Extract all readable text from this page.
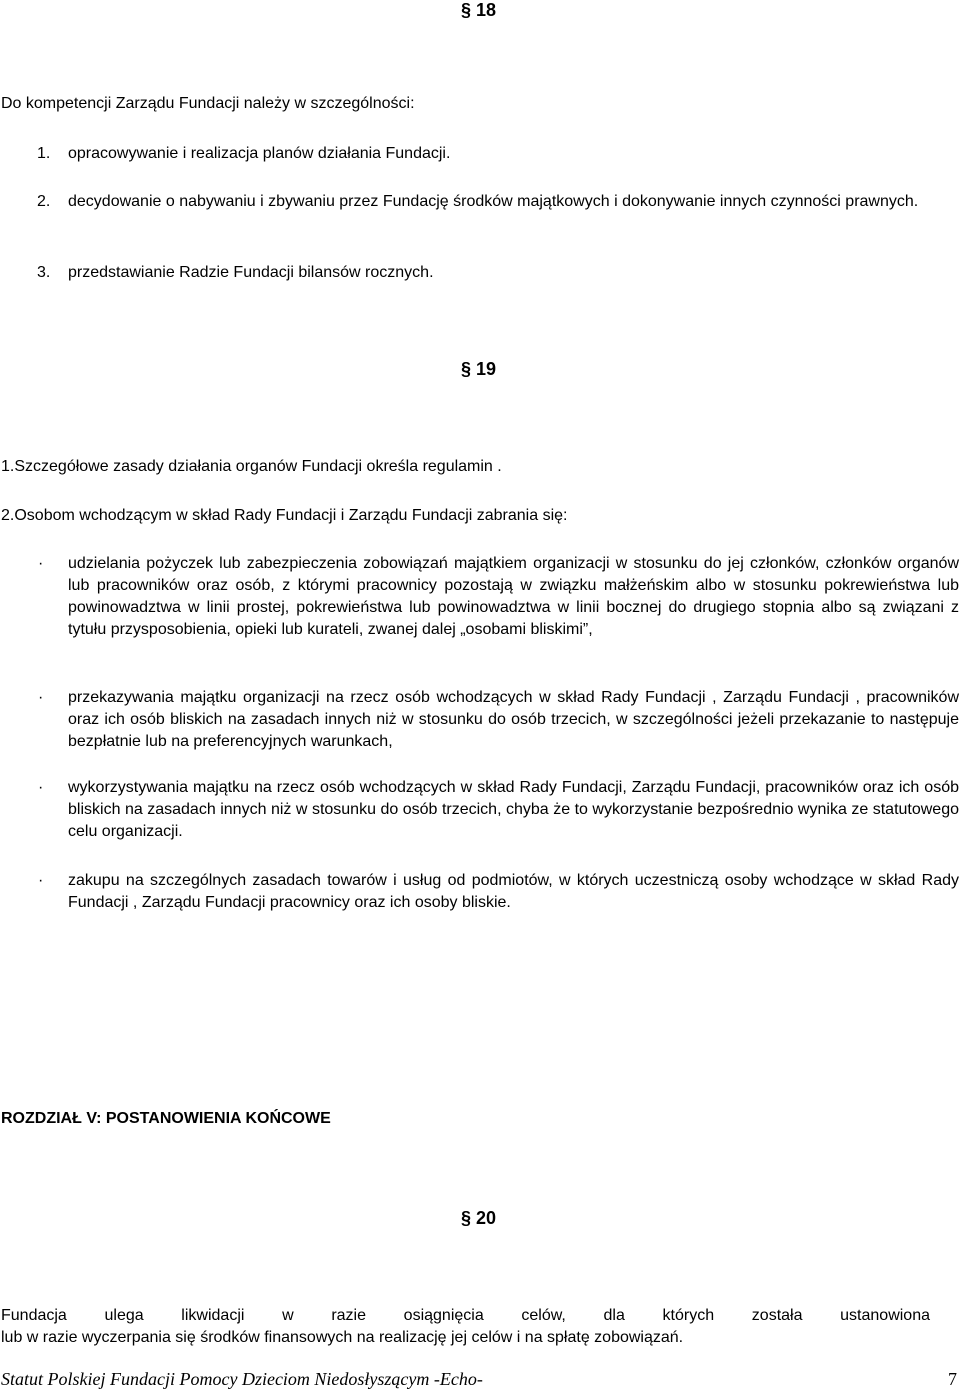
§ 18
Do kompetencji Zarządu Fundacji należy w szczególności:
1. opracowywanie i realizacja planów działania Fundacji.
2. decydowanie o nabywaniu i zbywaniu przez Fundację środków majątkowych i dokonywanie innych czynności prawnych.
3. przedstawianie Radzie Fundacji bilansów rocznych.
§ 19
1.Szczegółowe zasady działania organów Fundacji określa regulamin .
2.Osobom wchodzącym w skład Rady Fundacji i Zarządu Fundacji zabrania się:
· udzielania pożyczek lub zabezpieczenia zobowiązań majątkiem organizacji w stosunku do jej członków, członków organów lub pracowników oraz osób, z którymi pracownicy pozostają w związku małżeńskim albo w stosunku pokrewieństwa lub powinowadztwa w linii prostej, pokrewieństwa lub powinowadztwa w linii bocznej do drugiego stopnia albo są związani z tytułu przysposobienia, opieki lub kurateli, zwanej dalej „osobami bliskimi”,
· przekazywania majątku organizacji na rzecz osób wchodzących w skład Rady Fundacji , Zarządu Fundacji , pracowników oraz ich osób bliskich na zasadach innych niż w stosunku do osób trzecich, w szczególności jeżeli przekazanie to następuje bezpłatnie lub na preferencyjnych warunkach,
· wykorzystywania majątku na rzecz osób wchodzących w skład Rady Fundacji, Zarządu Fundacji, pracowników oraz ich osób bliskich na zasadach innych niż w stosunku do osób trzecich, chyba że to wykorzystanie bezpośrednio wynika ze statutowego celu organizacji.
· zakupu na szczególnych zasadach towarów i usług od podmiotów, w których uczestniczą osoby wchodzące w skład Rady Fundacji , Zarządu Fundacji pracownicy oraz ich osoby bliskie.
ROZDZIAŁ V: POSTANOWIENIA KOŃCOWE
§ 20
Fundacja ulega likwidacji w razie osiągnięcia celów, dla których została ustanowiona
lub w razie wyczerpania się środków finansowych na realizację jej celów i na spłatę zobowiązań.
Statut Polskiej Fundacji Pomocy Dzieciom Niedosłyszącym -Echo-	7
